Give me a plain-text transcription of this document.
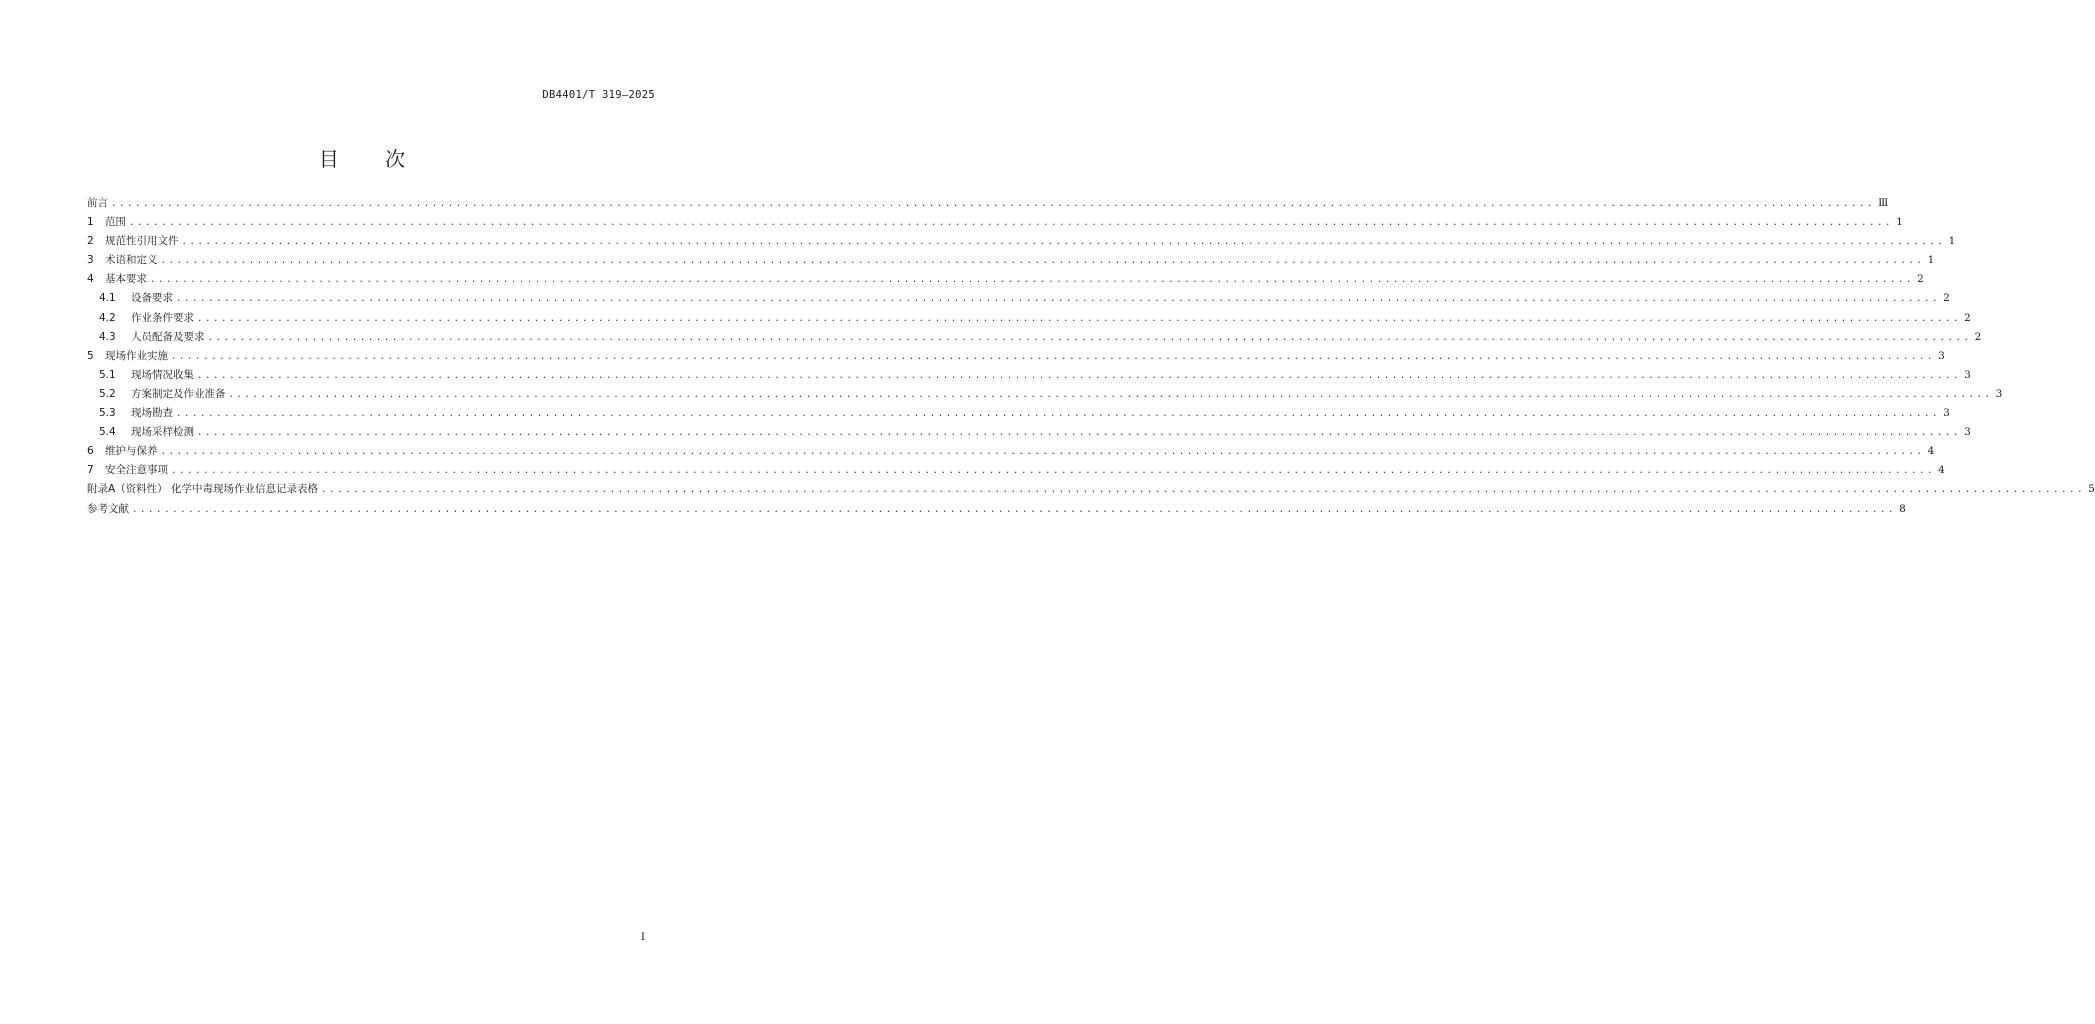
DB4401/T 319—2025
目 次
前言 ............................................................................................................................................................................................................................ Ⅲ
1	范围 ............................................................................................................................................................................................................................ 1
2	规范性引用文件 ............................................................................................................................................................................................................................ 1
3	术语和定义 ............................................................................................................................................................................................................................ 1
4	基本要求 ............................................................................................................................................................................................................................ 2
4.1	设备要求 ............................................................................................................................................................................................................................ 2
4.2	作业条件要求 ............................................................................................................................................................................................................................ 2
4.3	人员配备及要求 ............................................................................................................................................................................................................................ 2
5	现场作业实施 ............................................................................................................................................................................................................................ 3
5.1	现场情况收集 ............................................................................................................................................................................................................................ 3
5.2	方案制定及作业准备 ............................................................................................................................................................................................................................ 3
5.3	现场勘查 ............................................................................................................................................................................................................................ 3
5.4	现场采样检测 ............................................................................................................................................................................................................................ 3
6	维护与保养 ............................................................................................................................................................................................................................ 4
7	安全注意事项 ............................................................................................................................................................................................................................ 4
附录A（资料性） 化学中毒现场作业信息记录表格 ............................................................................................................................................................................................................................ 5
参考文献 ............................................................................................................................................................................................................................ 8
I
